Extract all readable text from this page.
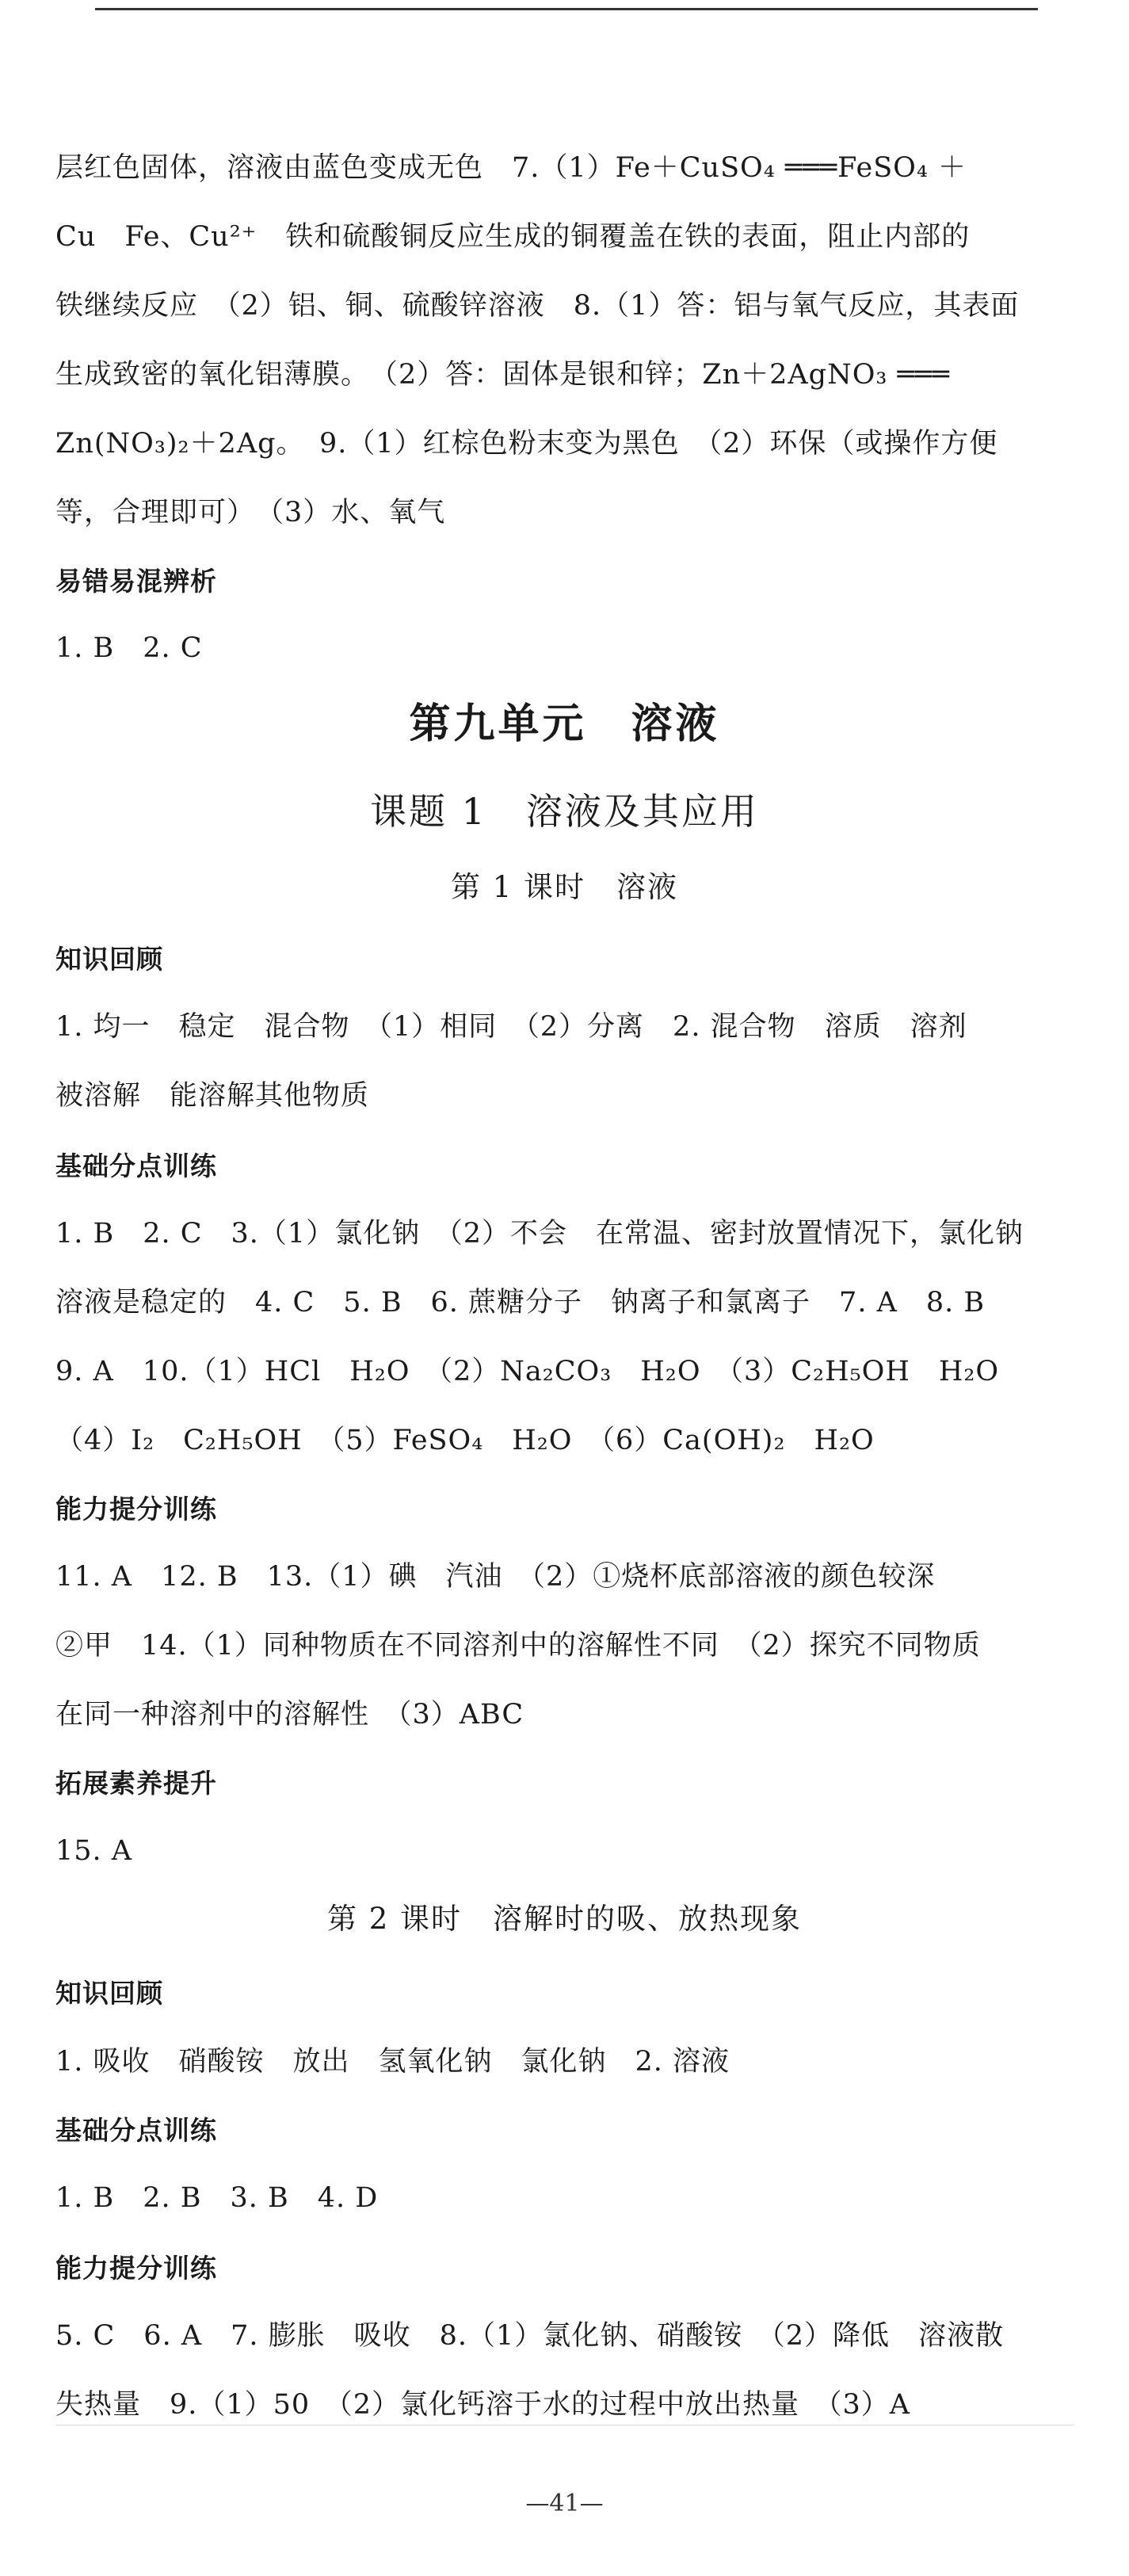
层红色固体，溶液由蓝色变成无色　7.（1）Fe＋CuSO₄ ═══FeSO₄ ＋
Cu　Fe、Cu²⁺　铁和硫酸铜反应生成的铜覆盖在铁的表面，阻止内部的
铁继续反应　（2）铝、铜、硫酸锌溶液　8.（1）答：铝与氧气反应，其表面
生成致密的氧化铝薄膜。　（2）答：固体是银和锌；Zn＋2AgNO₃ ═══
Zn(NO₃)₂＋2Ag。　9.（1）红棕色粉末变为黑色　（2）环保（或操作方便
等，合理即可）　（3）水、氧气
易错易混辨析
1. B　2. C
第九单元　溶液
课题 1　溶液及其应用
第 1 课时　溶液
知识回顾
1. 均一　稳定　混合物　（1）相同　（2）分离　2. 混合物　溶质　溶剂
被溶解　能溶解其他物质
基础分点训练
1. B　2. C　3.（1）氯化钠　（2）不会　在常温、密封放置情况下，氯化钠
溶液是稳定的　4. C　5. B　6. 蔗糖分子　钠离子和氯离子　7. A　8. B
9. A　10.（1）HCl　H₂O　（2）Na₂CO₃　H₂O　（3）C₂H₅OH　H₂O
（4）I₂　C₂H₅OH　（5）FeSO₄　H₂O　（6）Ca(OH)₂　H₂O
能力提分训练
11. A　12. B　13.（1）碘　汽油　（2）①烧杯底部溶液的颜色较深
②甲　14.（1）同种物质在不同溶剂中的溶解性不同　（2）探究不同物质
在同一种溶剂中的溶解性　（3）ABC
拓展素养提升
15. A
第 2 课时　溶解时的吸、放热现象
知识回顾
1. 吸收　硝酸铵　放出　氢氧化钠　氯化钠　2. 溶液
基础分点训练
1. B　2. B　3. B　4. D
能力提分训练
5. C　6. A　7. 膨胀　吸收　8.（1）氯化钠、硝酸铵　（2）降低　溶液散
失热量　9.（1）50　（2）氯化钙溶于水的过程中放出热量　（3）A
—41—
